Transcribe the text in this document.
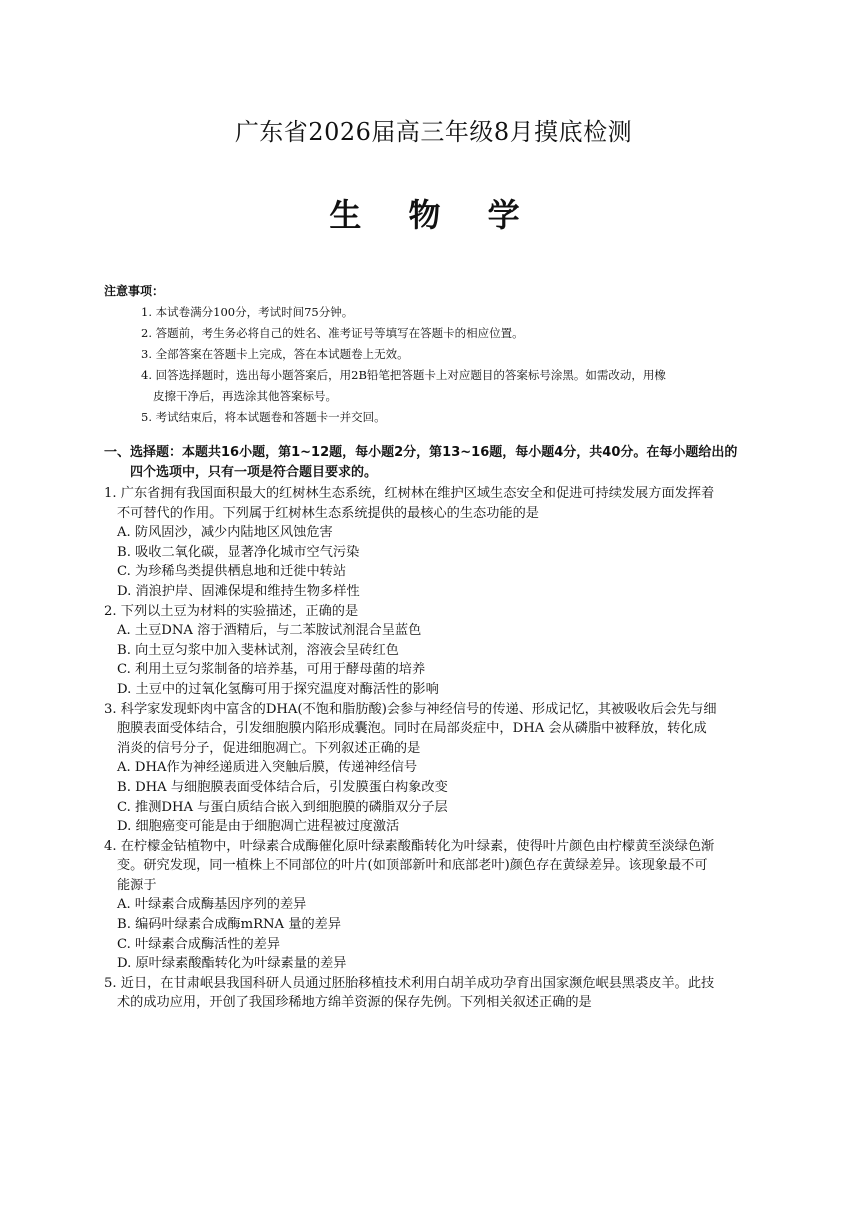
广东省2026届高三年级8月摸底检测
生 物 学
注意事项：
1. 本试卷满分100分，考试时间75分钟。
2. 答题前，考生务必将自己的姓名、准考证号等填写在答题卡的相应位置。
3. 全部答案在答题卡上完成，答在本试题卷上无效。
4. 回答选择题时，选出每小题答案后，用2B铅笔把答题卡上对应题目的答案标号涂黑。如需改动，用橡
皮擦干净后，再选涂其他答案标号。
5. 考试结束后，将本试题卷和答题卡一并交回。
一、选择题：本题共16小题，第1~12题，每小题2分，第13~16题，每小题4分，共40分。在每小题给出的
四个选项中，只有一项是符合题目要求的。
1. 广东省拥有我国面积最大的红树林生态系统，红树林在维护区域生态安全和促进可持续发展方面发挥着
不可替代的作用。下列属于红树林生态系统提供的最核心的生态功能的是
A. 防风固沙，减少内陆地区风蚀危害
B. 吸收二氧化碳，显著净化城市空气污染
C. 为珍稀鸟类提供栖息地和迁徙中转站
D. 消浪护岸、固滩保堤和维持生物多样性
2. 下列以土豆为材料的实验描述，正确的是
A. 土豆DNA 溶于酒精后，与二苯胺试剂混合呈蓝色
B. 向土豆匀浆中加入斐林试剂，溶液会呈砖红色
C. 利用土豆匀浆制备的培养基，可用于酵母菌的培养
D. 土豆中的过氧化氢酶可用于探究温度对酶活性的影响
3. 科学家发现虾肉中富含的DHA(不饱和脂肪酸)会参与神经信号的传递、形成记忆，其被吸收后会先与细
胞膜表面受体结合，引发细胞膜内陷形成囊泡。同时在局部炎症中，DHA 会从磷脂中被释放，转化成
消炎的信号分子，促进细胞凋亡。下列叙述正确的是
A. DHA作为神经递质进入突触后膜，传递神经信号
B. DHA 与细胞膜表面受体结合后，引发膜蛋白构象改变
C. 推测DHA 与蛋白质结合嵌入到细胞膜的磷脂双分子层
D. 细胞癌变可能是由于细胞凋亡进程被过度激活
4. 在柠檬金钻植物中，叶绿素合成酶催化原叶绿素酸酯转化为叶绿素，使得叶片颜色由柠檬黄至淡绿色渐
变。研究发现，同一植株上不同部位的叶片(如顶部新叶和底部老叶)颜色存在黄绿差异。该现象最不可
能源于
A. 叶绿素合成酶基因序列的差异
B. 编码叶绿素合成酶mRNA 量的差异
C. 叶绿素合成酶活性的差异
D. 原叶绿素酸酯转化为叶绿素量的差异
5. 近日，在甘肃岷县我国科研人员通过胚胎移植技术利用白胡羊成功孕育出国家濒危岷县黑裘皮羊。此技
术的成功应用，开创了我国珍稀地方绵羊资源的保存先例。下列相关叙述正确的是
